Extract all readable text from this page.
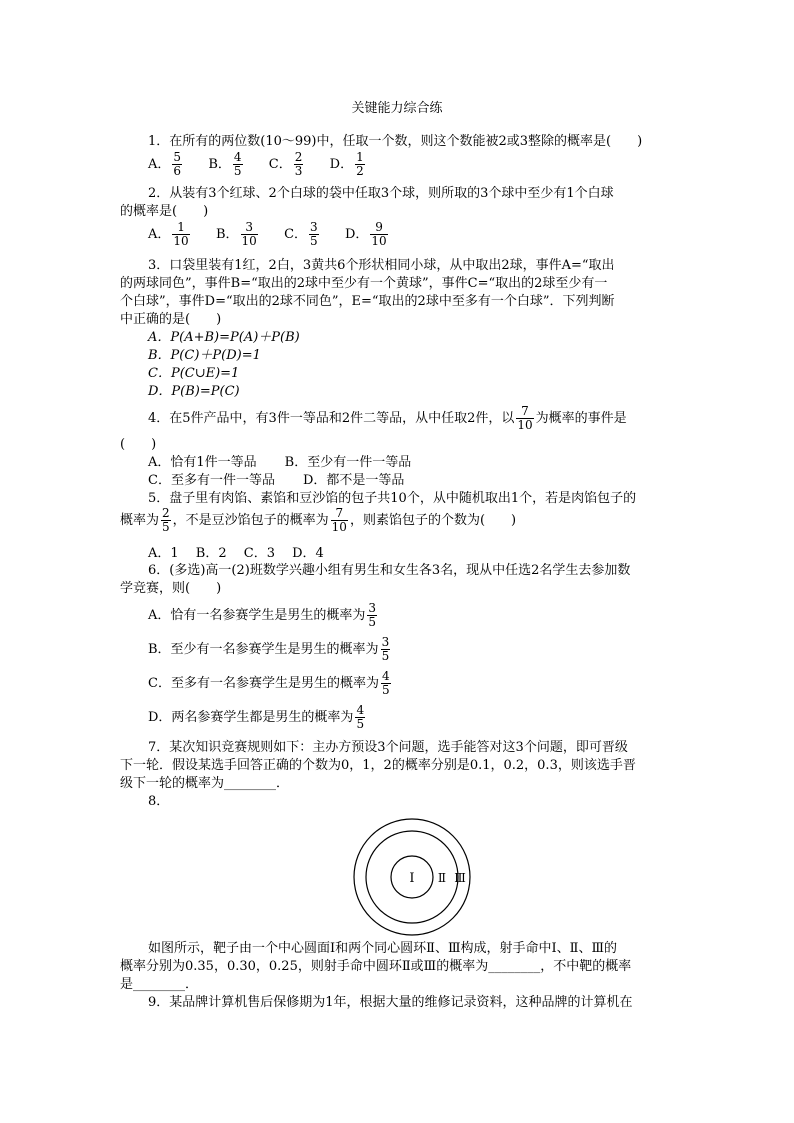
关键能力综合练
1．在所有的两位数(10～99)中，任取一个数，则这个数能被2或3整除的概率是(　　)
A． $\frac{5}{6}$ B． $\frac{4}{5}$ C． $\frac{2}{3}$ D． $\frac{1}{2}$
2．从装有3个红球、2个白球的袋中任取3个球，则所取的3个球中至少有1个白球
的概率是(　　)
A． $\frac{1}{10}$ B． $\frac{3}{10}$ C． $\frac{3}{5}$ D． $\frac{9}{10}$
3．口袋里装有1红，2白，3黄共6个形状相同小球，从中取出2球，事件A=“取出
的两球同色”，事件B=“取出的2球中至少有一个黄球”，事件C=“取出的2球至少有一
个白球”，事件D=“取出的2球不同色”，E=“取出的2球中至多有一个白球”．下列判断
中正确的是(　　)
A．P(A+B)=P(A)＋P(B)
B．P(C)＋P(D)=1
C．P(C∪E)=1
D．P(B)=P(C)
4．在5件产品中，有3件一等品和2件二等品，从中任取2件，以 $\frac{7}{10}$ 为概率的事件是
(　　)
A．恰有1件一等品 B．至少有一件一等品
C．至多有一件一等品 D．都不是一等品
5．盘子里有肉馅、素馅和豆沙馅的包子共10个，从中随机取出1个，若是肉馅包子的
概率为 $\frac{2}{5}$ ，不是豆沙馅包子的概率为 $\frac{7}{10}$ ，则素馅包子的个数为(　　)
A．1　 B．2　 C．3　 D．4
6．(多选)高一(2)班数学兴趣小组有男生和女生各3名，现从中任选2名学生去参加数
学竞赛，则(　　)
A．恰有一名参赛学生是男生的概率为 $\frac{3}{5}$
B．至少有一名参赛学生是男生的概率为 $\frac{3}{5}$
C．至多有一名参赛学生是男生的概率为 $\frac{4}{5}$
D．两名参赛学生都是男生的概率为 $\frac{4}{5}$
7．某次知识竞赛规则如下：主办方预设3个问题，选手能答对这3个问题，即可晋级
下一轮．假设某选手回答正确的个数为0，1，2的概率分别是0.1，0.2，0.3，则该选手晋
级下一轮的概率为________．
8．
Ⅰ Ⅱ Ⅲ
如图所示，靶子由一个中心圆面Ⅰ和两个同心圆环Ⅱ、Ⅲ构成，射手命中Ⅰ、Ⅱ、Ⅲ的
概率分别为0.35，0.30，0.25，则射手命中圆环Ⅱ或Ⅲ的概率为________，不中靶的概率
是________．
9．某品牌计算机售后保修期为1年，根据大量的维修记录资料，这种品牌的计算机在
